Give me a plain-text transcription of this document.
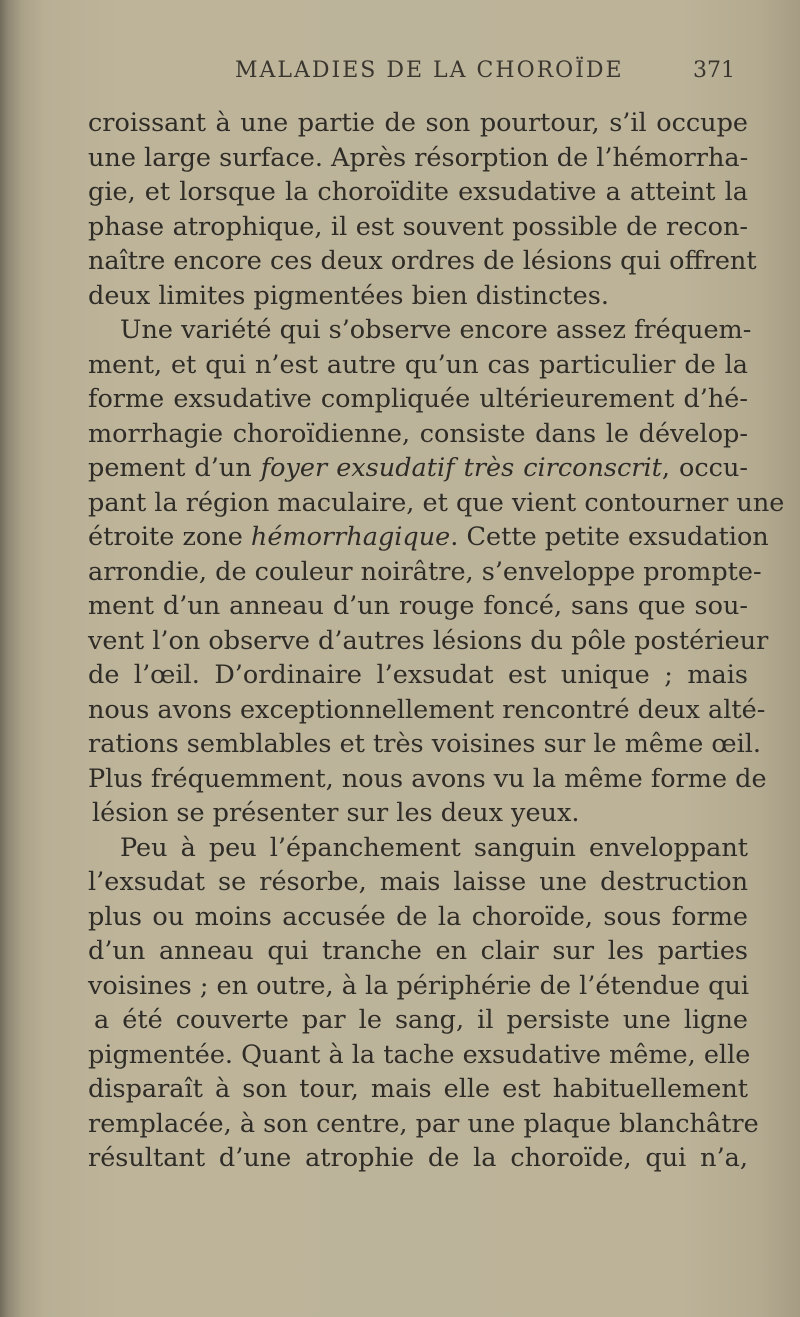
MALADIES DE LA CHOROÏDE	371
croissant à une partie de son pourtour, s’il occupe
une large surface. Après résorption de l’hémorrha-
gie, et lorsque la choroïdite exsudative a atteint la
phase atrophique, il est souvent possible de recon-
naître encore ces deux ordres de lésions qui offrent
deux limites pigmentées bien distinctes.
Une variété qui s’observe encore assez fréquem-
ment, et qui n’est autre qu’un cas particulier de la
forme exsudative compliquée ultérieurement d’hé-
morrhagie choroïdienne, consiste dans le dévelop-
pement d’un foyer exsudatif très circonscrit, occu-
pant la région maculaire, et que vient contourner une
étroite zone hémorrhagique. Cette petite exsudation
arrondie, de couleur noirâtre, s’enveloppe prompte-
ment d’un anneau d’un rouge foncé, sans que sou-
vent l’on observe d’autres lésions du pôle postérieur
de l’œil. D’ordinaire l’exsudat est unique ; mais
nous avons exceptionnellement rencontré deux alté-
rations semblables et très voisines sur le même œil.
Plus fréquemment, nous avons vu la même forme de
lésion se présenter sur les deux yeux.
Peu à peu l’épanchement sanguin enveloppant
l’exsudat se résorbe, mais laisse une destruction
plus ou moins accusée de la choroïde, sous forme
d’un anneau qui tranche en clair sur les parties
voisines ; en outre, à la périphérie de l’étendue qui
a été couverte par le sang, il persiste une ligne
pigmentée. Quant à la tache exsudative même, elle
disparaît à son tour, mais elle est habituellement
remplacée, à son centre, par une plaque blanchâtre
résultant d’une atrophie de la choroïde, qui n’a,
